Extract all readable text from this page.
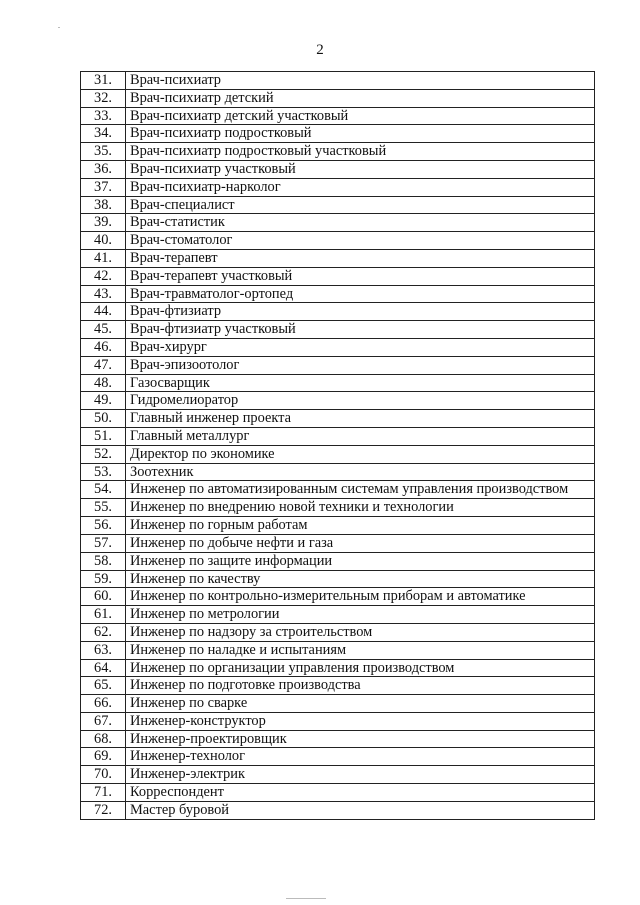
2
31.	Врач-психиатр
32.	Врач-психиатр детский
33.	Врач-психиатр детский участковый
34.	Врач-психиатр подростковый
35.	Врач-психиатр подростковый участковый
36.	Врач-психиатр участковый
37.	Врач-психиатр-нарколог
38.	Врач-специалист
39.	Врач-статистик
40.	Врач-стоматолог
41.	Врач-терапевт
42.	Врач-терапевт участковый
43.	Врач-травматолог-ортопед
44.	Врач-фтизиатр
45.	Врач-фтизиатр участковый
46.	Врач-хирург
47.	Врач-эпизоотолог
48.	Газосварщик
49.	Гидромелиоратор
50.	Главный инженер проекта
51.	Главный металлург
52.	Директор по экономике
53.	Зоотехник
54.	Инженер по автоматизированным системам управления производством
55.	Инженер по внедрению новой техники и технологии
56.	Инженер по горным работам
57.	Инженер по добыче нефти и газа
58.	Инженер по защите информации
59.	Инженер по качеству
60.	Инженер по контрольно-измерительным приборам и автоматике
61.	Инженер по метрологии
62.	Инженер по надзору за строительством
63.	Инженер по наладке и испытаниям
64.	Инженер по организации управления производством
65.	Инженер по подготовке производства
66.	Инженер по сварке
67.	Инженер-конструктор
68.	Инженер-проектировщик
69.	Инженер-технолог
70.	Инженер-электрик
71.	Корреспондент
72.	Мастер буровой
